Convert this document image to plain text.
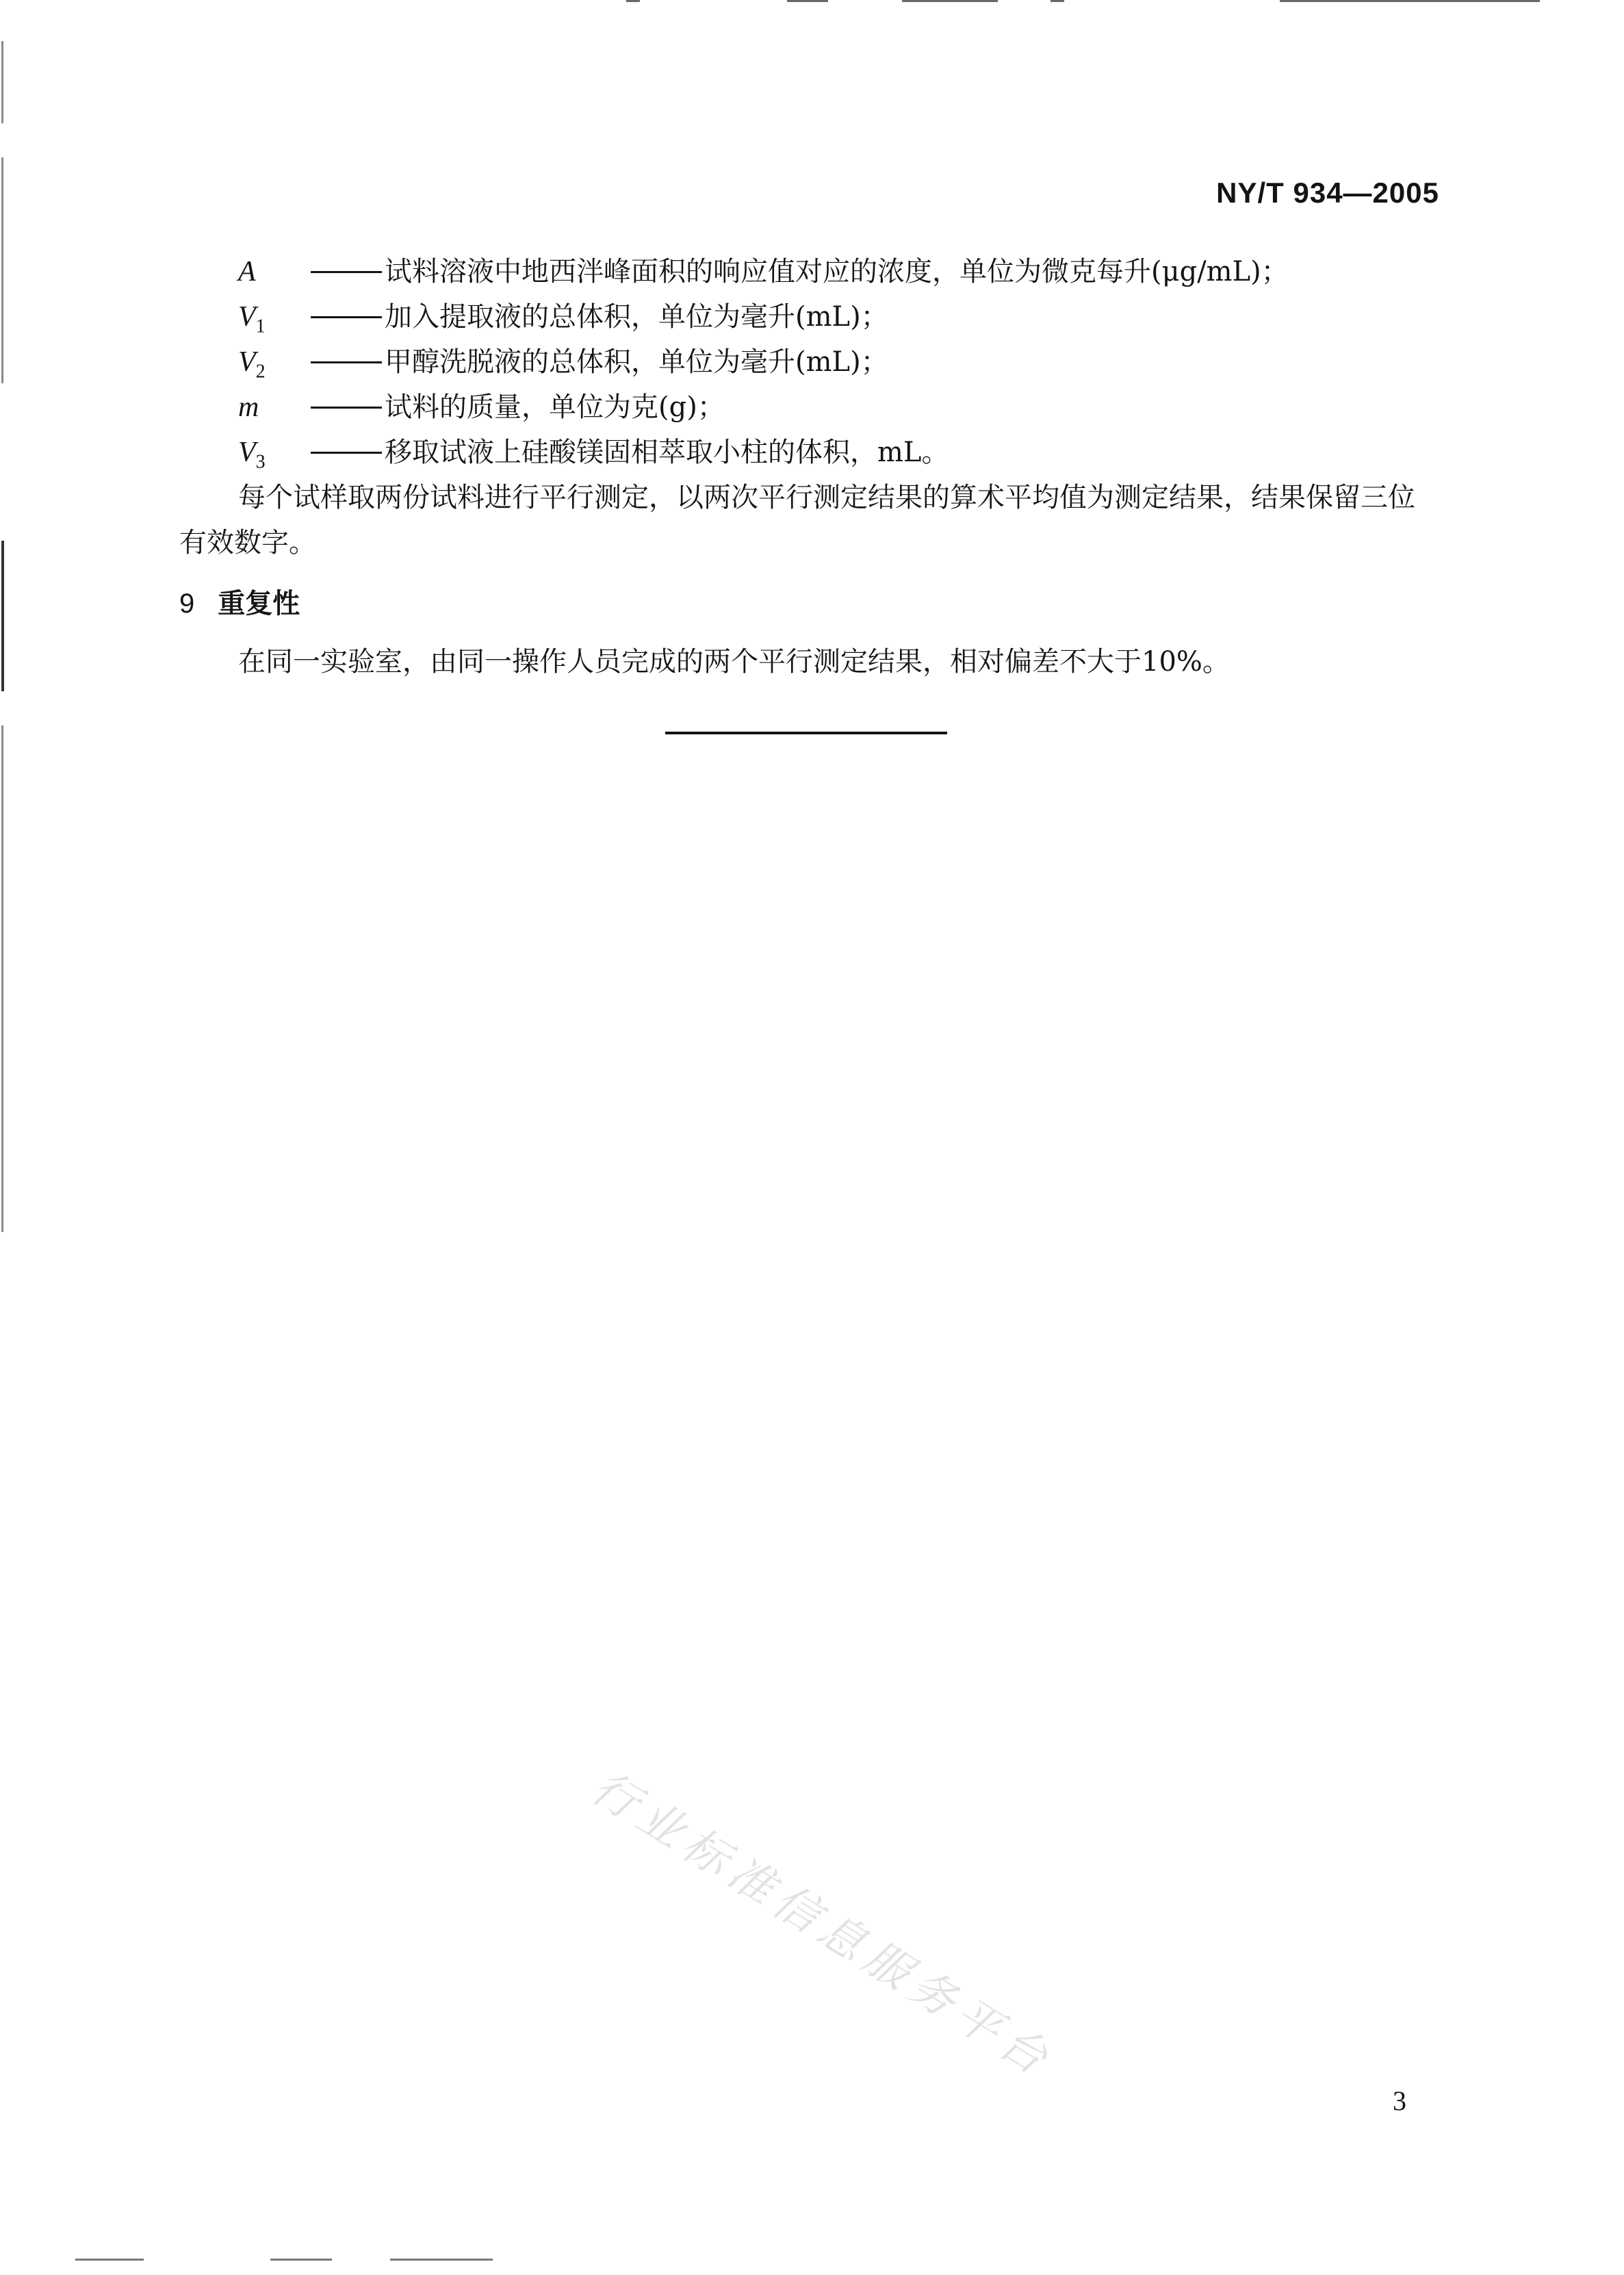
NY/T 934—2005
A	试料溶液中地西泮峰面积的响应值对应的浓度，单位为微克每升(μg/mL)；
$V_1$	加入提取液的总体积，单位为毫升(mL)；
$V_2$	甲醇洗脱液的总体积，单位为毫升(mL)；
m	试料的质量，单位为克(g)；
$V_3$	移取试液上硅酸镁固相萃取小柱的体积，mL。
每个试样取两份试料进行平行测定，以两次平行测定结果的算术平均值为测定结果，结果保留三位
有效数字。
9 重复性
在同一实验室，由同一操作人员完成的两个平行测定结果，相对偏差不大于10%。
行业标准信息服务平台
3
